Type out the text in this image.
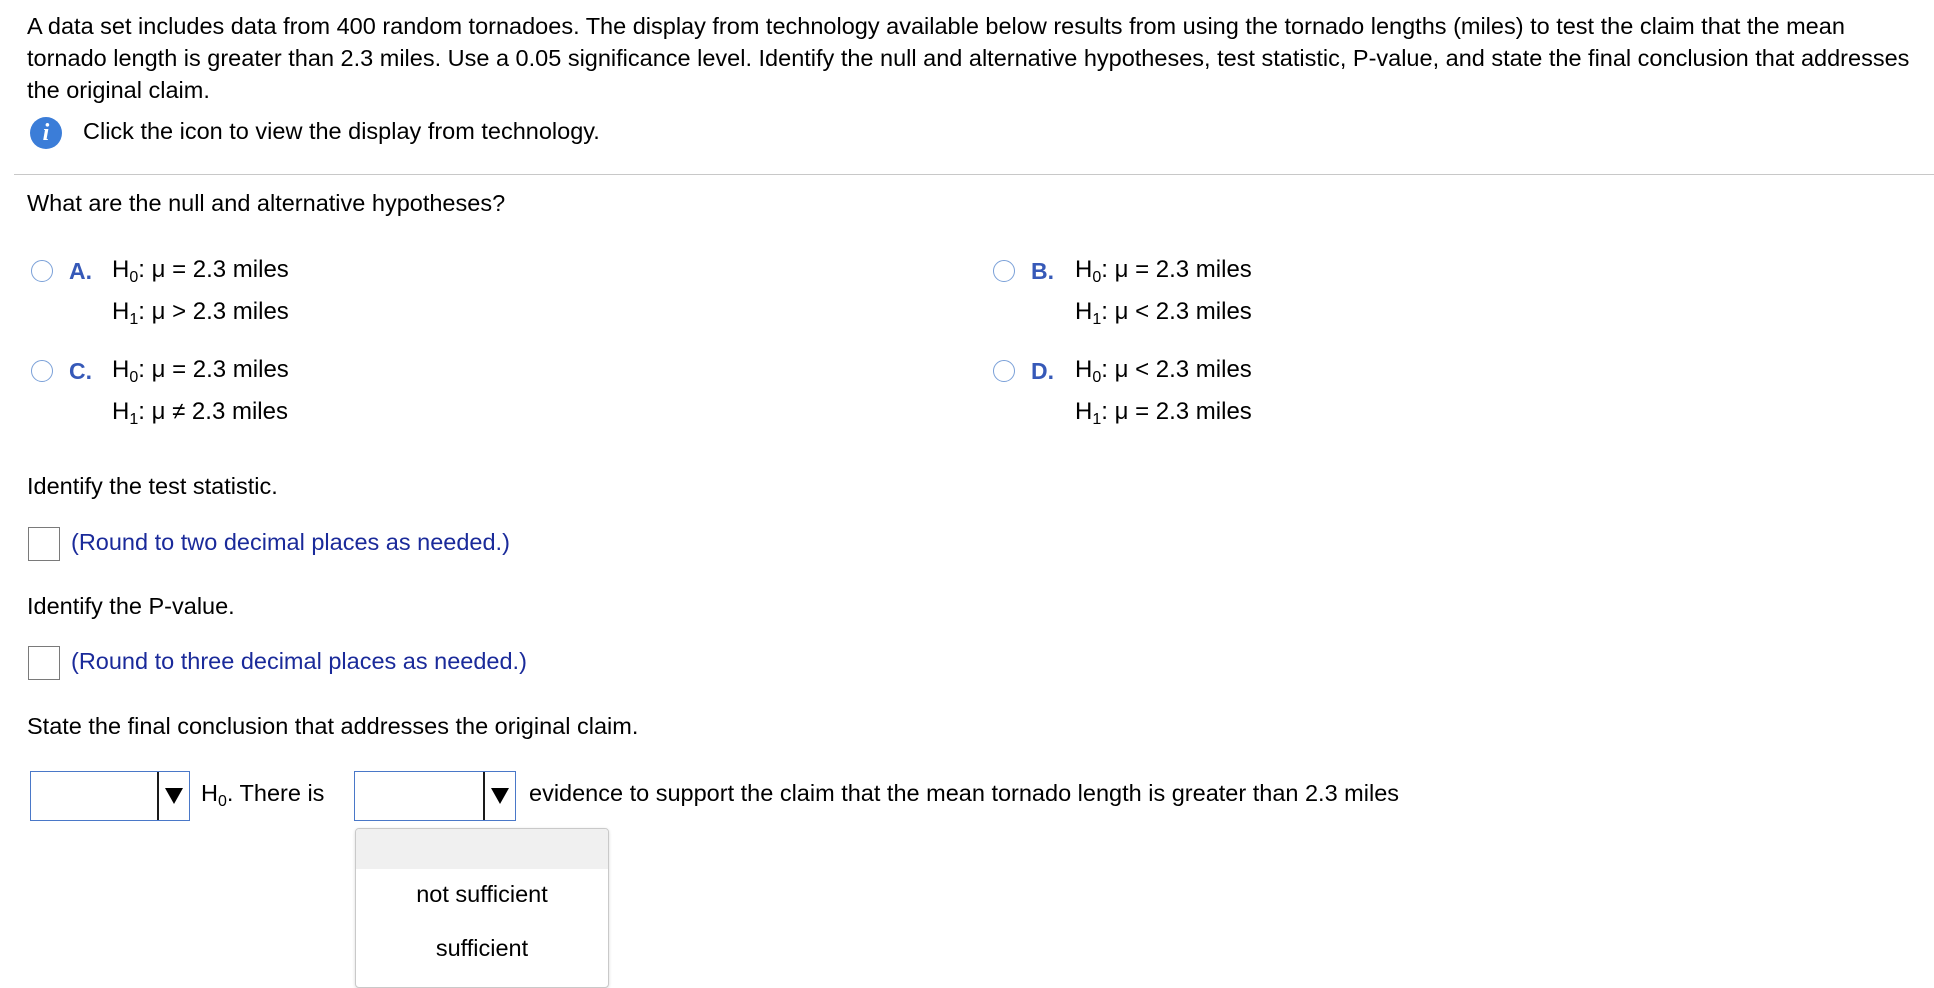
A data set includes data from 400 random tornadoes. The display from technology available below results from using the tornado lengths (miles) to test the claim that the mean tornado length is greater than 2.3 miles. Use a 0.05 significance level. Identify the null and alternative hypotheses, test statistic, P-value, and state the final conclusion that addresses the original claim.
i	Click the icon to view the display from technology.
What are the null and alternative hypotheses?
A. $H_0$: μ = 2.3 miles
$H_1$: μ > 2.3 miles
B. $H_0$: μ = 2.3 miles
$H_1$: μ < 2.3 miles
C. $H_0$: μ = 2.3 miles
$H_1$: μ ≠ 2.3 miles
D. $H_0$: μ < 2.3 miles
$H_1$: μ = 2.3 miles
Identify the test statistic.
(Round to two decimal places as needed.)
Identify the P-value.
(Round to three decimal places as needed.)
State the final conclusion that addresses the original claim.
$H_0$. There is	evidence to support the claim that the mean tornado length is greater than 2.3 miles
not sufficient
sufficient
